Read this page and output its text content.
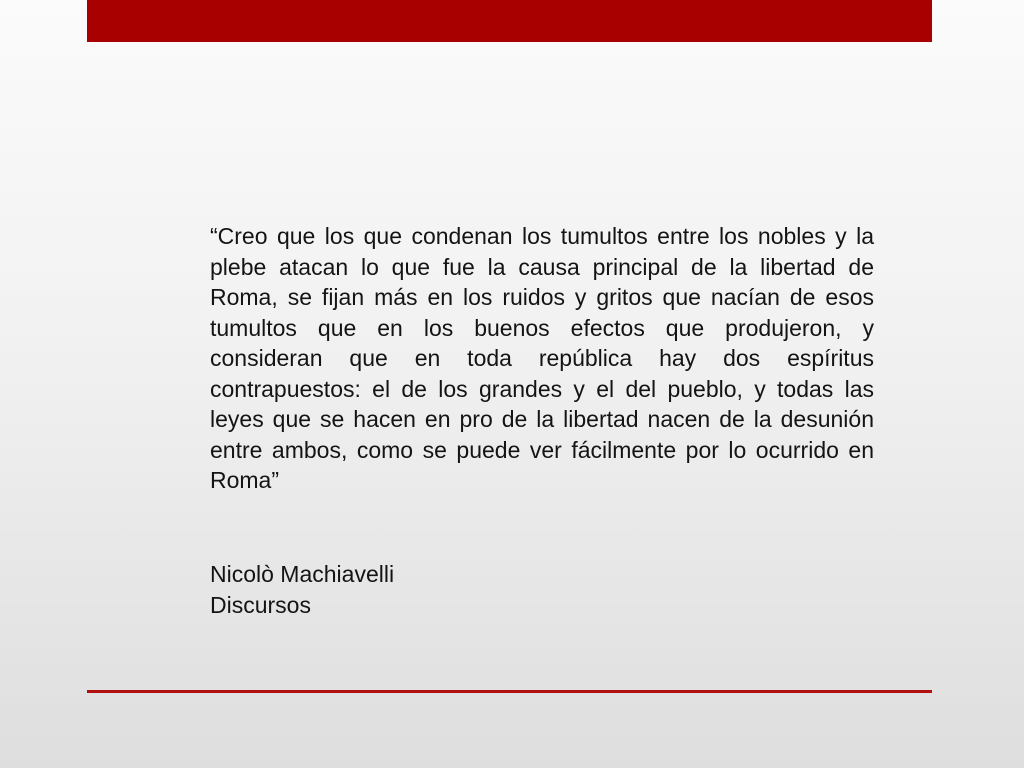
“Creo que los que condenan los tumultos entre los nobles y la plebe atacan lo que fue la causa principal de la libertad de Roma, se fijan más en los ruidos y gritos que nacían de esos tumultos que en los buenos efectos que produjeron, y consideran que en toda república hay dos espíritus contrapuestos: el de los grandes y el del pueblo, y todas las leyes que se hacen en pro de la libertad nacen de la desunión entre ambos, como se puede ver fácilmente por lo ocurrido en Roma”

Nicolò Machiavelli
Discursos
